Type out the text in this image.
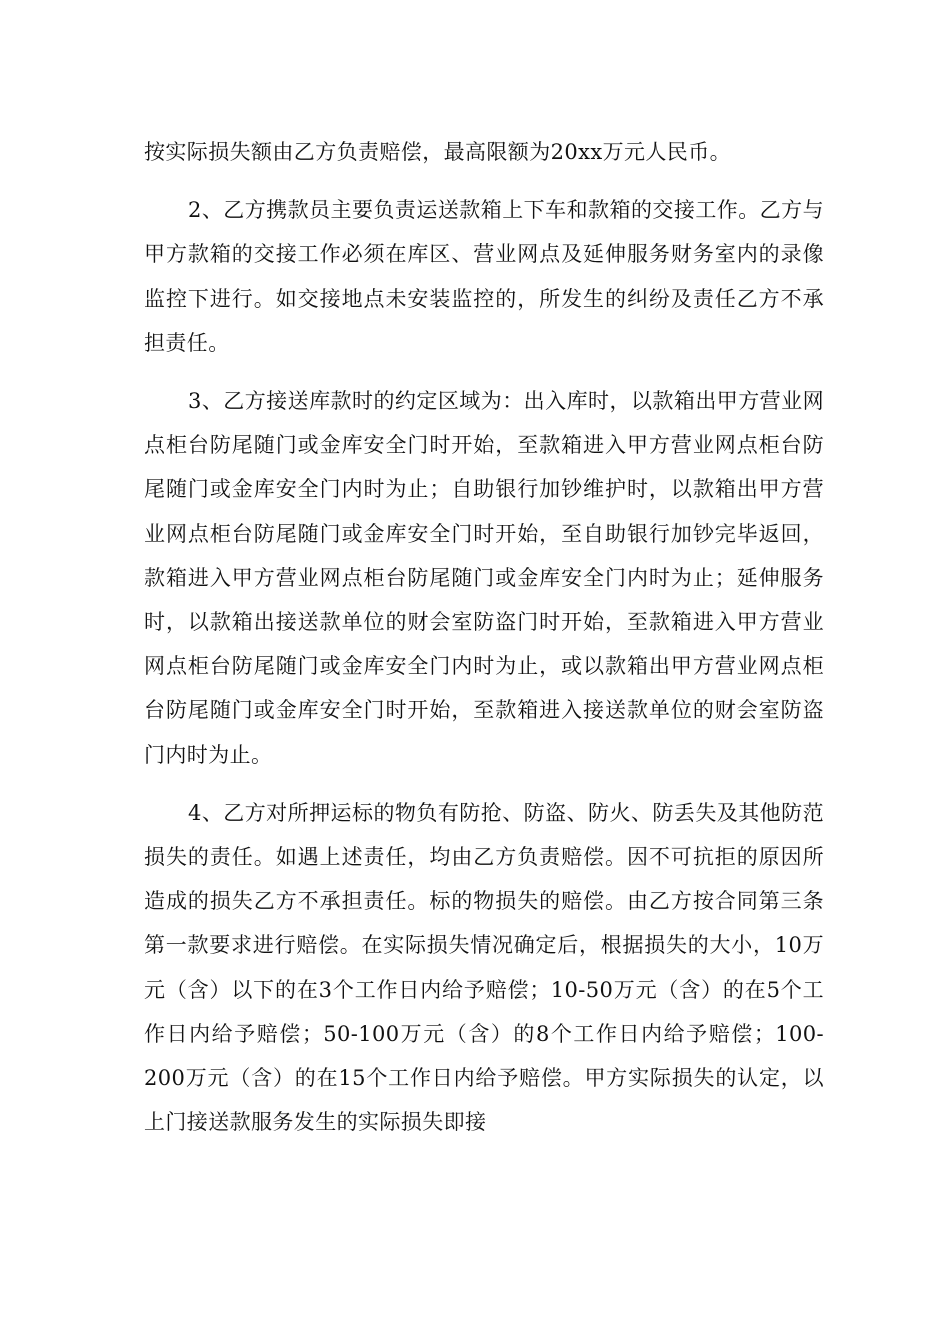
按实际损失额由乙方负责赔偿，最高限额为20xx万元人民币。

2、乙方携款员主要负责运送款箱上下车和款箱的交接工作。乙方与甲方款箱的交接工作必须在库区、营业网点及延伸服务财务室内的录像监控下进行。如交接地点未安装监控的，所发生的纠纷及责任乙方不承担责任。

3、乙方接送库款时的约定区域为：出入库时，以款箱出甲方营业网点柜台防尾随门或金库安全门时开始，至款箱进入甲方营业网点柜台防尾随门或金库安全门内时为止；自助银行加钞维护时，以款箱出甲方营业网点柜台防尾随门或金库安全门时开始，至自助银行加钞完毕返回，款箱进入甲方营业网点柜台防尾随门或金库安全门内时为止；延伸服务时，以款箱出接送款单位的财会室防盗门时开始，至款箱进入甲方营业网点柜台防尾随门或金库安全门内时为止，或以款箱出甲方营业网点柜台防尾随门或金库安全门时开始，至款箱进入接送款单位的财会室防盗门内时为止。

4、乙方对所押运标的物负有防抢、防盗、防火、防丢失及其他防范损失的责任。如遇上述责任，均由乙方负责赔偿。因不可抗拒的原因所造成的损失乙方不承担责任。标的物损失的赔偿。由乙方按合同第三条第一款要求进行赔偿。在实际损失情况确定后，根据损失的大小，10万元（含）以下的在3个工作日内给予赔偿；10-50万元（含）的在5个工作日内给予赔偿；50-100万元（含）的8个工作日内给予赔偿；100-200万元（含）的在15个工作日内给予赔偿。甲方实际损失的认定，以上门接送款服务发生的实际损失即接
